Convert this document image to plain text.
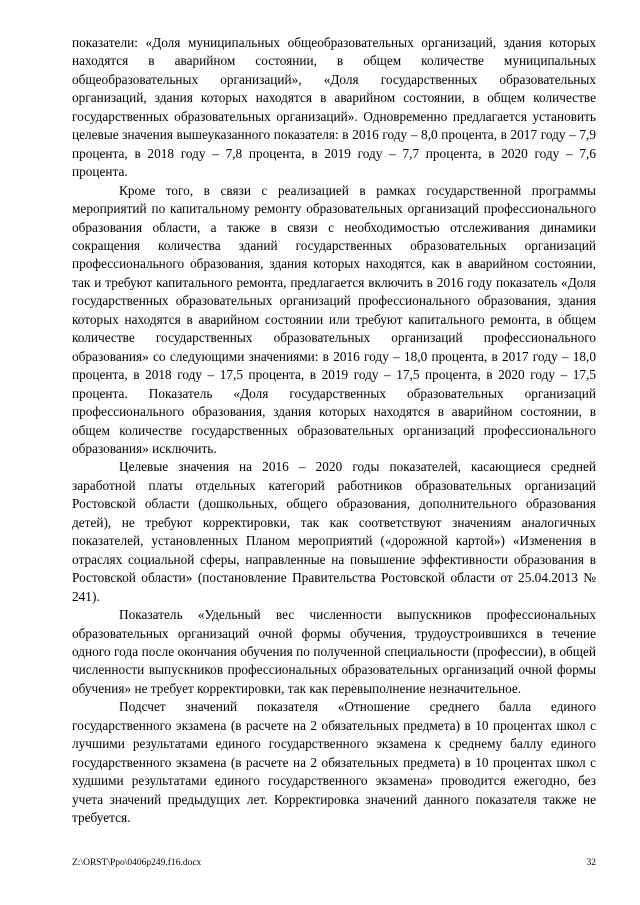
показатели: «Доля муниципальных общеобразовательных организаций, здания которых находятся в аварийном состоянии, в общем количестве муниципальных общеобразовательных организаций», «Доля государственных образовательных организаций, здания которых находятся в аварийном состоянии, в общем количестве государственных образовательных организаций». Одновременно предлагается установить целевые значения вышеуказанного показателя: в 2016 году – 8,0 процента, в 2017 году – 7,9 процента, в 2018 году – 7,8 процента, в 2019 году – 7,7 процента, в 2020 году – 7,6 процента.

Кроме того, в связи с реализацией в рамках государственной программы мероприятий по капитальному ремонту образовательных организаций профессионального образования области, а также в связи с необходимостью отслеживания динамики сокращения количества зданий государственных образовательных организаций профессионального образования, здания которых находятся, как в аварийном состоянии, так и требуют капитального ремонта, предлагается включить в 2016 году показатель «Доля государственных образовательных организаций профессионального образования, здания которых находятся в аварийном состоянии или требуют капитального ремонта, в общем количестве государственных образовательных организаций профессионального образования» со следующими значениями: в 2016 году – 18,0 процента, в 2017 году – 18,0 процента, в 2018 году – 17,5 процента, в 2019 году – 17,5 процента, в 2020 году – 17,5 процента. Показатель «Доля государственных образовательных организаций профессионального образования, здания которых находятся в аварийном состоянии, в общем количестве государственных образовательных организаций профессионального образования» исключить.

Целевые значения на 2016 – 2020 годы показателей, касающиеся средней заработной платы отдельных категорий работников образовательных организаций Ростовской области (дошкольных, общего образования, дополнительного образования детей), не требуют корректировки, так как соответствуют значениям аналогичных показателей, установленных Планом мероприятий («дорожной картой») «Изменения в отраслях социальной сферы, направленные на повышение эффективности образования в Ростовской области» (постановление Правительства Ростовской области от 25.04.2013 № 241).

Показатель «Удельный вес численности выпускников профессиональных образовательных организаций очной формы обучения, трудоустроившихся в течение одного года после окончания обучения по полученной специальности (профессии), в общей численности выпускников профессиональных образовательных организаций очной формы обучения» не требует корректировки, так как перевыполнение незначительное.

Подсчет значений показателя «Отношение среднего балла единого государственного экзамена (в расчете на 2 обязательных предмета) в 10 процентах школ с лучшими результатами единого государственного экзамена к среднему баллу единого государственного экзамена (в расчете на 2 обязательных предмета) в 10 процентах школ с худшими результатами единого государственного экзамена» проводится ежегодно, без учета значений предыдущих лет. Корректировка значений данного показателя также не требуется.

Z:\ORST\Ppo\0406p249.f16.docx	32
